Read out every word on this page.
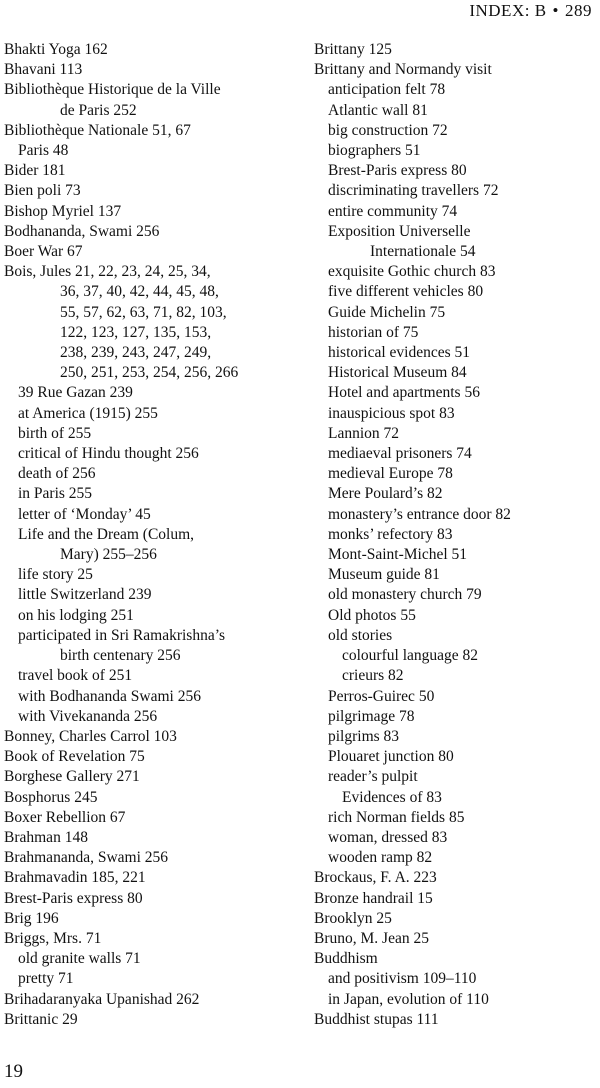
INDEX: B • 289
Bhakti Yoga 162
Bhavani 113
Bibliothèque Historique de la Ville
de Paris 252
Bibliothèque Nationale 51, 67
Paris 48
Bider 181
Bien poli 73
Bishop Myriel 137
Bodhananda, Swami 256
Boer War 67
Bois, Jules 21, 22, 23, 24, 25, 34,
36, 37, 40, 42, 44, 45, 48,
55, 57, 62, 63, 71, 82, 103,
122, 123, 127, 135, 153,
238, 239, 243, 247, 249,
250, 251, 253, 254, 256, 266
39 Rue Gazan 239
at America (1915) 255
birth of 255
critical of Hindu thought 256
death of 256
in Paris 255
letter of ‘Monday’ 45
Life and the Dream (Colum,
Mary) 255–256
life story 25
little Switzerland 239
on his lodging 251
participated in Sri Ramakrishna’s
birth centenary 256
travel book of 251
with Bodhananda Swami 256
with Vivekananda 256
Bonney, Charles Carrol 103
Book of Revelation 75
Borghese Gallery 271
Bosphorus 245
Boxer Rebellion 67
Brahman 148
Brahmananda, Swami 256
Brahmavadin 185, 221
Brest-Paris express 80
Brig 196
Briggs, Mrs. 71
old granite walls 71
pretty 71
Brihadaranyaka Upanishad 262
Brittanic 29
Brittany 125
Brittany and Normandy visit
anticipation felt 78
Atlantic wall 81
big construction 72
biographers 51
Brest-Paris express 80
discriminating travellers 72
entire community 74
Exposition Universelle
Internationale 54
exquisite Gothic church 83
five different vehicles 80
Guide Michelin 75
historian of 75
historical evidences 51
Historical Museum 84
Hotel and apartments 56
inauspicious spot 83
Lannion 72
mediaeval prisoners 74
medieval Europe 78
Mere Poulard’s 82
monastery’s entrance door 82
monks’ refectory 83
Mont-Saint-Michel 51
Museum guide 81
old monastery church 79
Old photos 55
old stories
colourful language 82
crieurs 82
Perros-Guirec 50
pilgrimage 78
pilgrims 83
Plouaret junction 80
reader’s pulpit
Evidences of 83
rich Norman fields 85
woman, dressed 83
wooden ramp 82
Brockaus, F. A. 223
Bronze handrail 15
Brooklyn 25
Bruno, M. Jean 25
Buddhism
and positivism 109–110
in Japan, evolution of 110
Buddhist stupas 111
19
